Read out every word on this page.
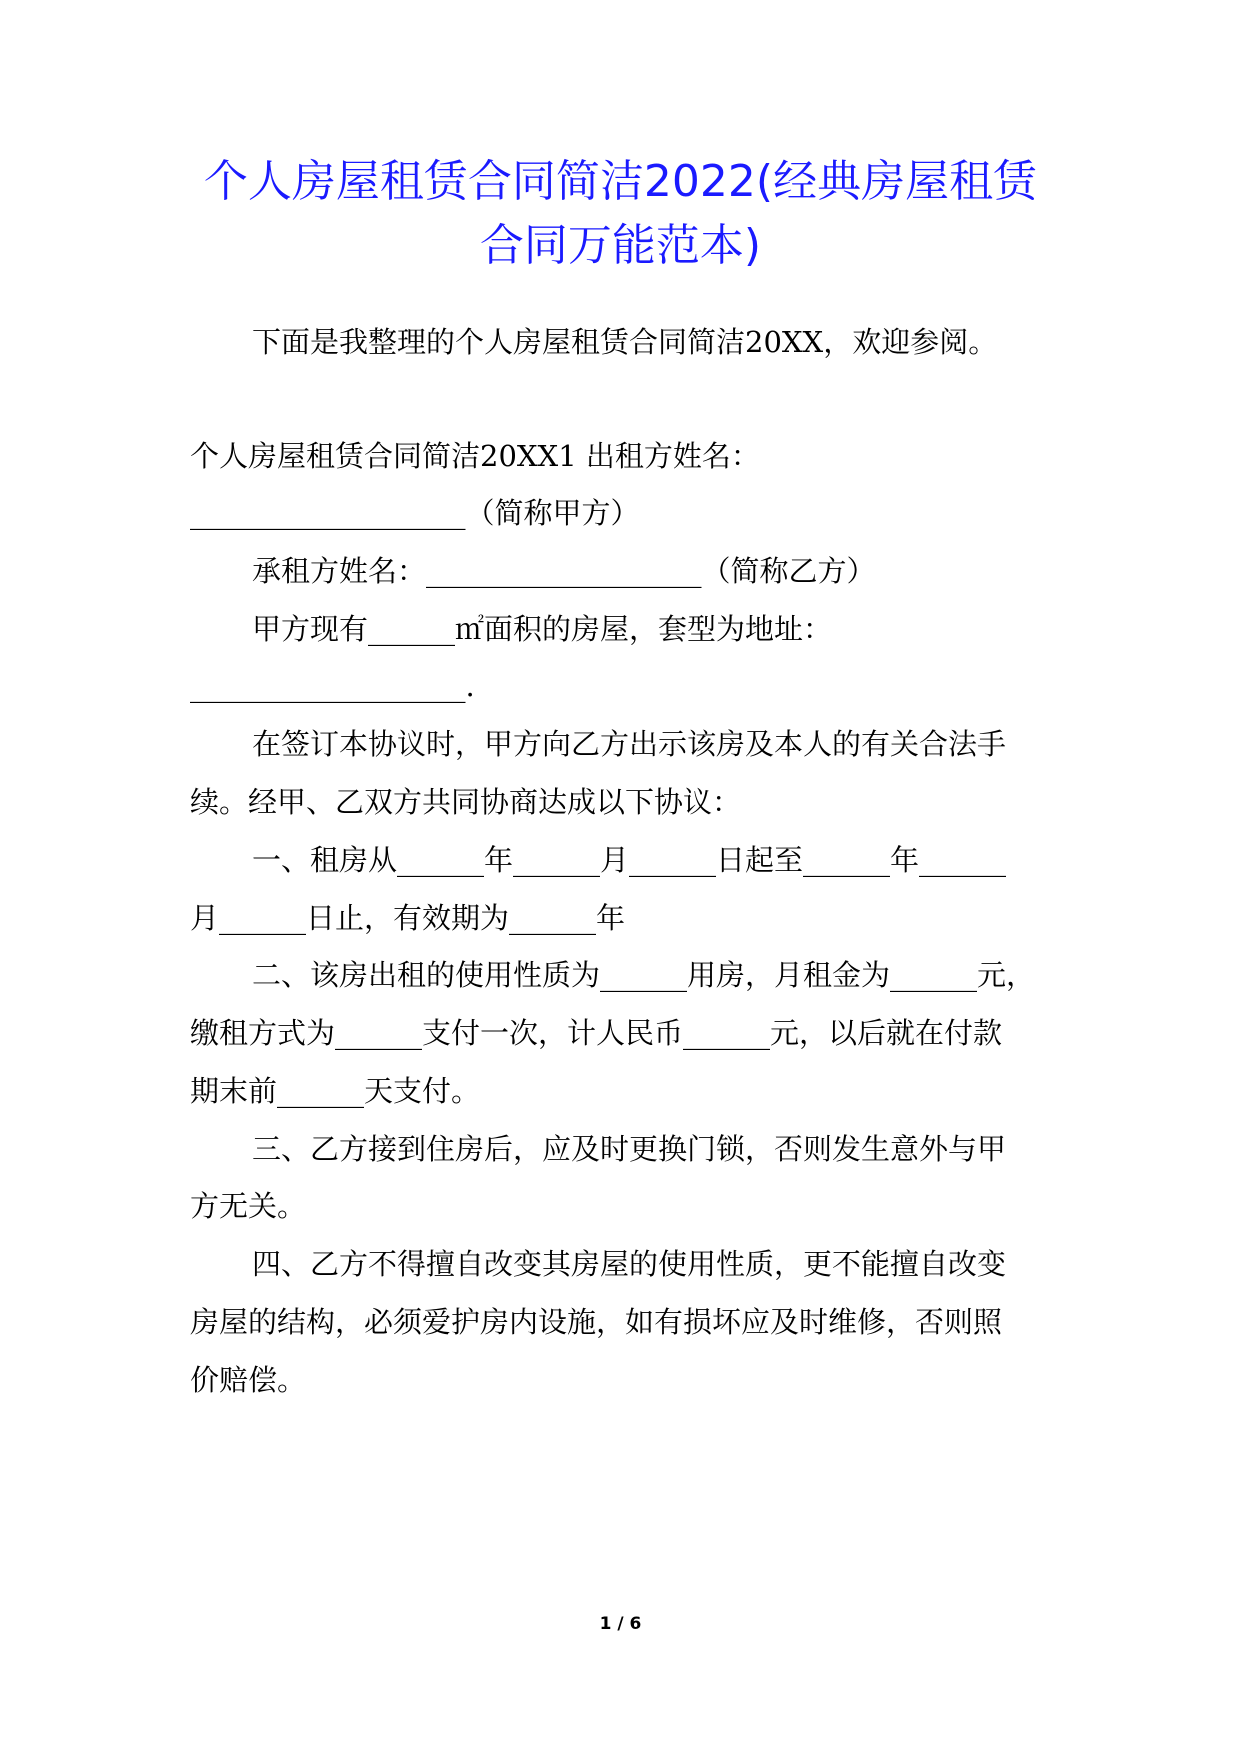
个人房屋租赁合同简洁2022(经典房屋租赁
合同万能范本)
下面是我整理的个人房屋租赁合同简洁20XX，欢迎参阅。
个人房屋租赁合同简洁20XX1 出租方姓名：
___________________（简称甲方）
承租方姓名：___________________（简称乙方）
甲方现有______㎡面积的房屋，套型为地址：
___________________.
在签订本协议时，甲方向乙方出示该房及本人的有关合法手
续。经甲、乙双方共同协商达成以下协议：
一、租房从______年______月______日起至______年______
月______日止，有效期为______年
二、该房出租的使用性质为______用房，月租金为______元，
缴租方式为______支付一次，计人民币______元，以后就在付款
期末前______天支付。
三、乙方接到住房后，应及时更换门锁，否则发生意外与甲
方无关。
四、乙方不得擅自改变其房屋的使用性质，更不能擅自改变
房屋的结构，必须爱护房内设施，如有损坏应及时维修，否则照
价赔偿。
1 / 6
